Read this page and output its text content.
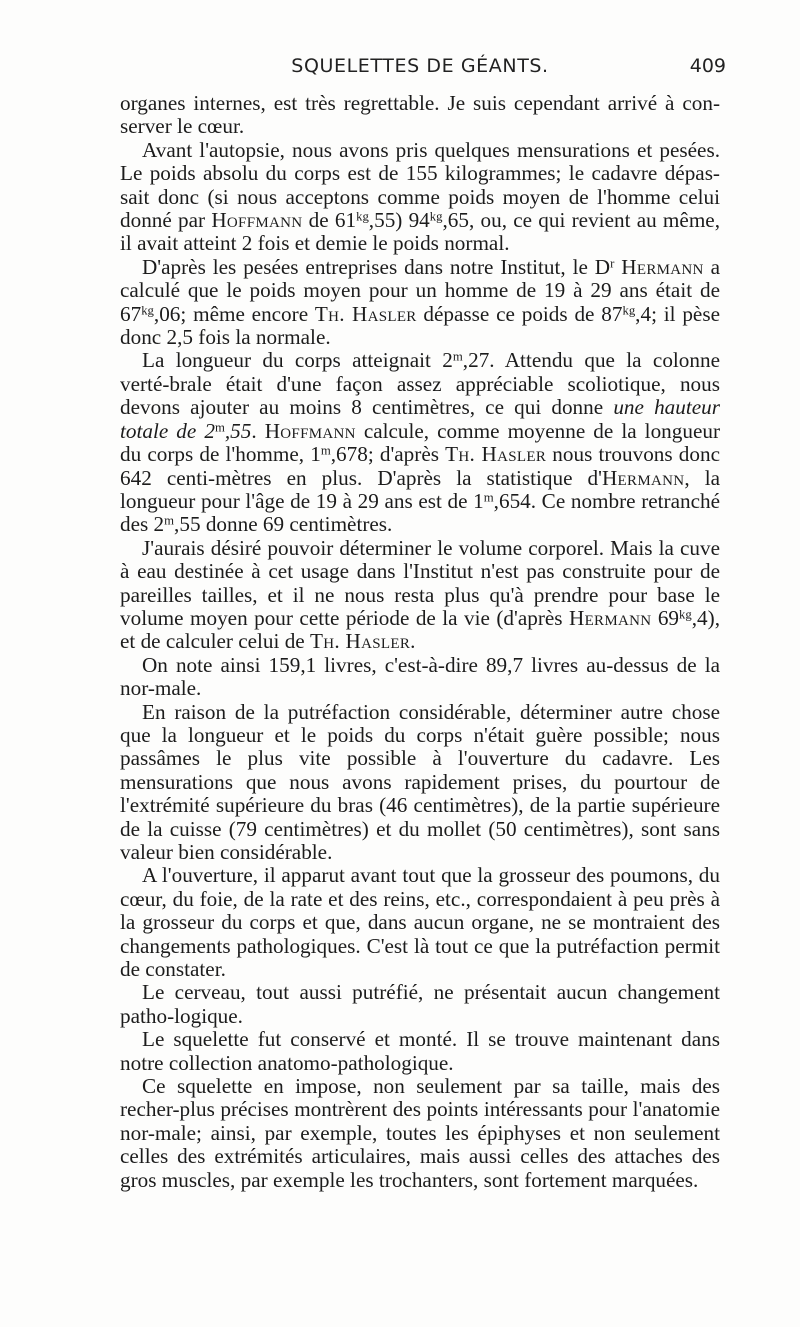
SQUELETTES DE GÉANTS.	409

organes internes, est très regrettable. Je suis cependant arrivé à con-server le cœur.

Avant l'autopsie, nous avons pris quelques mensurations et pesées. Le poids absolu du corps est de 155 kilogrammes; le cadavre dépas-sait donc (si nous acceptons comme poids moyen de l'homme celui donné par Hoffmann de $61^{kg},55$) $94^{kg},65$, ou, ce qui revient au même, il avait atteint 2 fois et demie le poids normal.

D'après les pesées entreprises dans notre Institut, le $D^r$ Hermann a calculé que le poids moyen pour un homme de 19 à 29 ans était de $67^{kg},06$; même encore Th. Hasler dépasse ce poids de $87^{kg},4$; il pèse donc 2,5 fois la normale.

La longueur du corps atteignait 2$^m$,27. Attendu que la colonne verté-brale était d'une façon assez appréciable scoliotique, nous devons ajouter au moins 8 centimètres, ce qui donne une hauteur totale de 2$^m$,55. Hoffmann calcule, comme moyenne de la longueur du corps de l'homme, 1$^m$,678; d'après Th. Hasler nous trouvons donc 642 centi-mètres en plus. D'après la statistique d'Hermann, la longueur pour l'âge de 19 à 29 ans est de 1$^m$,654. Ce nombre retranché des 2$^m$,55 donne 69 centimètres.

J'aurais désiré pouvoir déterminer le volume corporel. Mais la cuve à eau destinée à cet usage dans l'Institut n'est pas construite pour de pareilles tailles, et il ne nous resta plus qu'à prendre pour base le volume moyen pour cette période de la vie (d'après Hermann $69^{kg},4$), et de calculer celui de Th. Hasler.

On note ainsi 159,1 livres, c'est-à-dire 89,7 livres au-dessus de la nor-male.

En raison de la putréfaction considérable, déterminer autre chose que la longueur et le poids du corps n'était guère possible; nous passâmes le plus vite possible à l'ouverture du cadavre. Les mensurations que nous avons rapidement prises, du pourtour de l'extrémité supérieure du bras (46 centimètres), de la partie supérieure de la cuisse (79 centimètres) et du mollet (50 centimètres), sont sans valeur bien considérable.

A l'ouverture, il apparut avant tout que la grosseur des poumons, du cœur, du foie, de la rate et des reins, etc., correspondaient à peu près à la grosseur du corps et que, dans aucun organe, ne se montraient des changements pathologiques. C'est là tout ce que la putréfaction permit de constater.

Le cerveau, tout aussi putréfié, ne présentait aucun changement patho-logique.

Le squelette fut conservé et monté. Il se trouve maintenant dans notre collection anatomo-pathologique.

Ce squelette en impose, non seulement par sa taille, mais des recher-plus précises montrèrent des points intéressants pour l'anatomie nor-male; ainsi, par exemple, toutes les épiphyses et non seulement celles des extrémités articulaires, mais aussi celles des attaches des gros muscles, par exemple les trochanters, sont fortement marquées.
